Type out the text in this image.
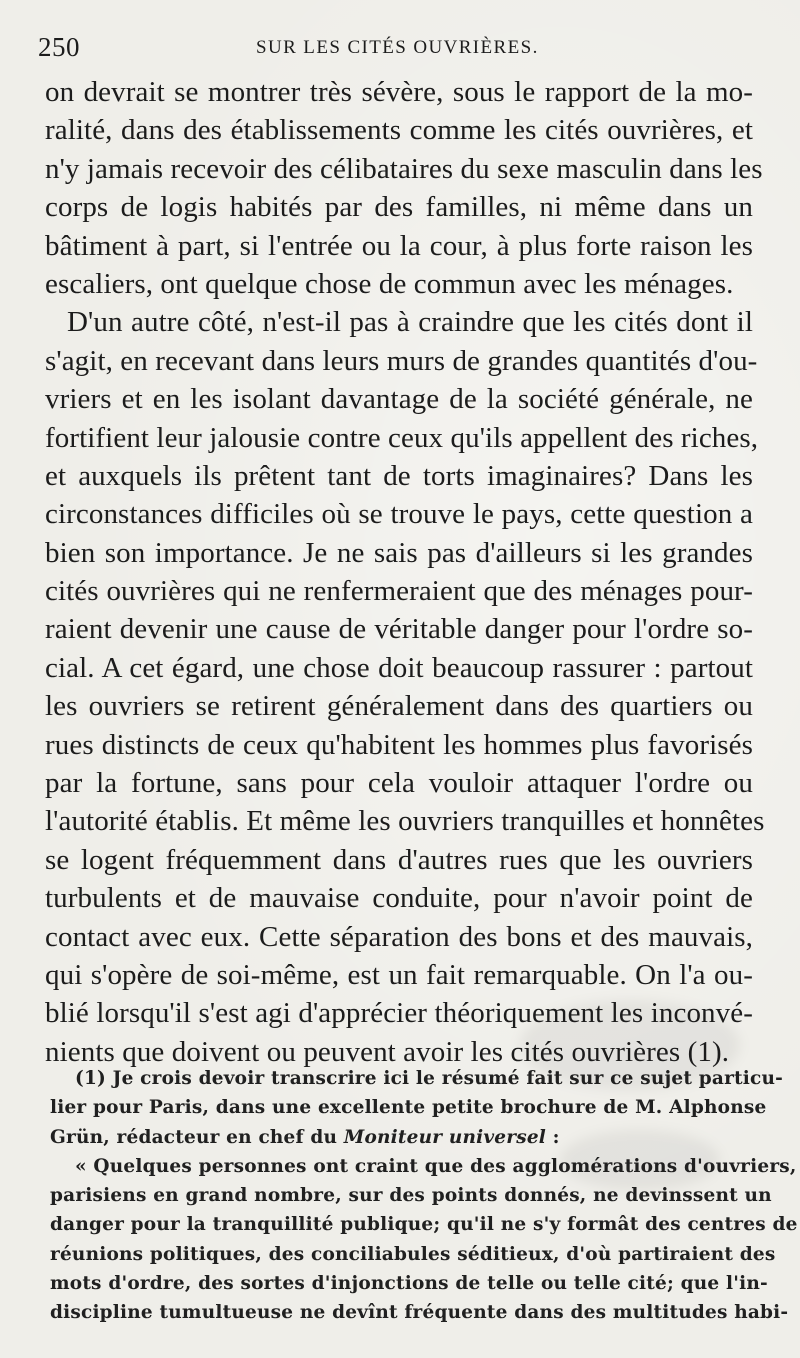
250	SUR LES CITÉS OUVRIÈRES.
on devrait se montrer très sévère, sous le rapport de la mo-
ralité, dans des établissements comme les cités ouvrières, et
n'y jamais recevoir des célibataires du sexe masculin dans les
corps de logis habités par des familles, ni même dans un
bâtiment à part, si l'entrée ou la cour, à plus forte raison les
escaliers, ont quelque chose de commun avec les ménages.
D'un autre côté, n'est-il pas à craindre que les cités dont il
s'agit, en recevant dans leurs murs de grandes quantités d'ou-
vriers et en les isolant davantage de la société générale, ne
fortifient leur jalousie contre ceux qu'ils appellent des riches,
et auxquels ils prêtent tant de torts imaginaires? Dans les
circonstances difficiles où se trouve le pays, cette question a
bien son importance. Je ne sais pas d'ailleurs si les grandes
cités ouvrières qui ne renfermeraient que des ménages pour-
raient devenir une cause de véritable danger pour l'ordre so-
cial. A cet égard, une chose doit beaucoup rassurer : partout
les ouvriers se retirent généralement dans des quartiers ou
rues distincts de ceux qu'habitent les hommes plus favorisés
par la fortune, sans pour cela vouloir attaquer l'ordre ou
l'autorité établis. Et même les ouvriers tranquilles et honnêtes
se logent fréquemment dans d'autres rues que les ouvriers
turbulents et de mauvaise conduite, pour n'avoir point de
contact avec eux. Cette séparation des bons et des mauvais,
qui s'opère de soi-même, est un fait remarquable. On l'a ou-
blié lorsqu'il s'est agi d'apprécier théoriquement les inconvé-
nients que doivent ou peuvent avoir les cités ouvrières (1).
(1) Je crois devoir transcrire ici le résumé fait sur ce sujet particu-
lier pour Paris, dans une excellente petite brochure de M. Alphonse
Grün, rédacteur en chef du Moniteur universel :
« Quelques personnes ont craint que des agglomérations d'ouvriers,
parisiens en grand nombre, sur des points donnés, ne devinssent un
danger pour la tranquillité publique; qu'il ne s'y formât des centres de
réunions politiques, des conciliabules séditieux, d'où partiraient des
mots d'ordre, des sortes d'injonctions de telle ou telle cité; que l'in-
discipline tumultueuse ne devînt fréquente dans des multitudes habi-
